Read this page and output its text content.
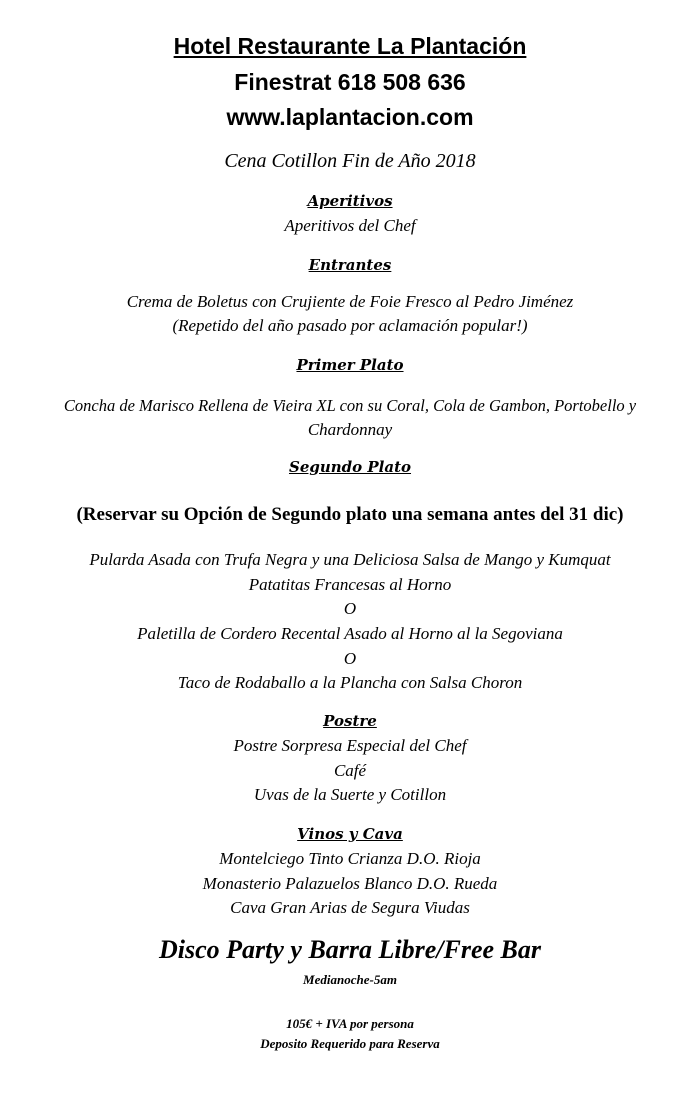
Hotel Restaurante La Plantación
Finestrat 618 508 636
www.laplantacion.com
Cena Cotillon Fin de Año 2018
Aperitivos
Aperitivos del Chef
Entrantes
Crema de Boletus con Crujiente de Foie Fresco al Pedro Jiménez
(Repetido del año pasado por aclamación popular!)
Primer Plato
Concha de Marisco Rellena de Vieira XL con su Coral, Cola de Gambon, Portobello y
Chardonnay
Segundo Plato
(Reservar su Opción de Segundo plato una semana antes del 31 dic)
Pularda Asada con Trufa Negra y una Deliciosa Salsa de Mango y Kumquat
Patatitas Francesas al Horno
O
Paletilla de Cordero Recental Asado al Horno al la Segoviana
O
Taco de Rodaballo a la Plancha con Salsa Choron
Postre
Postre Sorpresa Especial del Chef
Café
Uvas de la Suerte y Cotillon
Vinos y Cava
Montelciego Tinto Crianza D.O. Rioja
Monasterio Palazuelos Blanco D.O. Rueda
Cava Gran Arias de Segura Viudas
Disco Party y Barra Libre/Free Bar
Medianoche-5am
105€ + IVA por persona
Deposito Requerido para Reserva
